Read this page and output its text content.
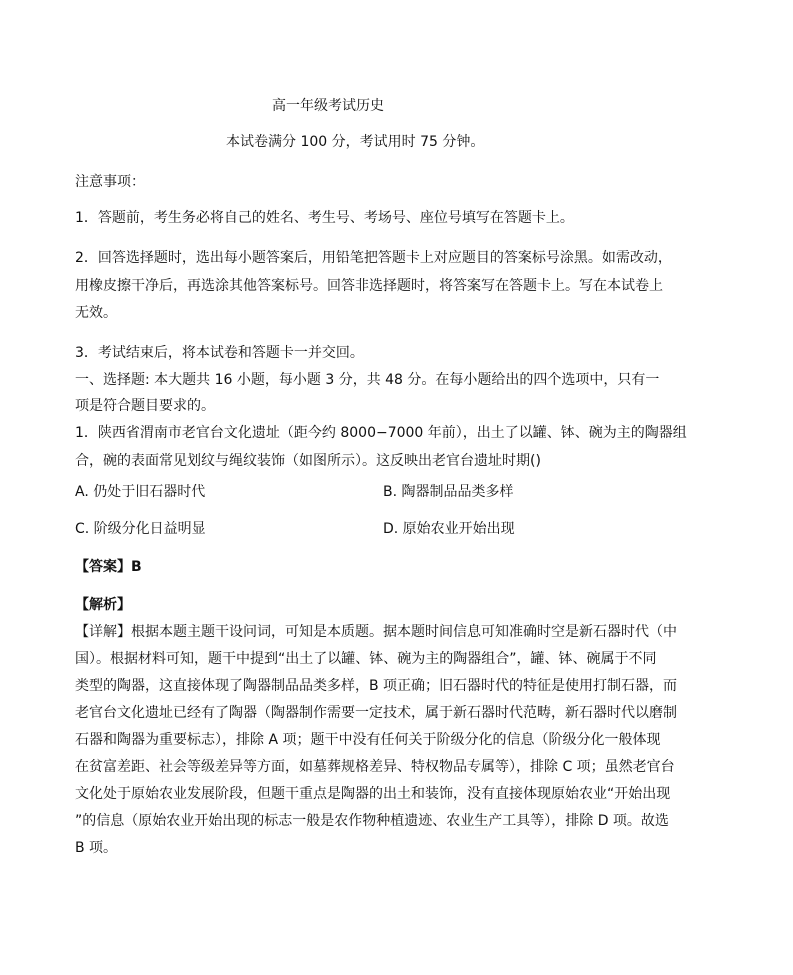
高一年级考试历史
本试卷满分 100 分，考试用时 75 分钟。
注意事项：
1．答题前，考生务必将自己的姓名、考生号、考场号、座位号填写在答题卡上。
2．回答选择题时，选出每小题答案后，用铅笔把答题卡上对应题目的答案标号涂黑。如需改动，
用橡皮擦干净后，再选涂其他答案标号。回答非选择题时，将答案写在答题卡上。写在本试卷上
无效。
3．考试结束后，将本试卷和答题卡一并交回。
一、选择题: 本大题共 16 小题，每小题 3 分，共 48 分。在每小题给出的四个选项中，只有一
项是符合题目要求的。
1．陕西省渭南市老官台文化遗址（距今约 8000−7000 年前），出土了以罐、钵、碗为主的陶器组
合，碗的表面常见划纹与绳纹装饰（如图所示）。这反映出老官台遗址时期()
A. 仍处于旧石器时代	B. 陶器制品品类多样
C. 阶级分化日益明显	D. 原始农业开始出现
【答案】B
【解析】
【详解】根据本题主题干设问词，可知是本质题。据本题时间信息可知准确时空是新石器时代（中
国）。根据材料可知，题干中提到“出土了以罐、钵、碗为主的陶器组合”，罐、钵、碗属于不同
类型的陶器，这直接体现了陶器制品品类多样，B 项正确；旧石器时代的特征是使用打制石器，而
老官台文化遗址已经有了陶器（陶器制作需要一定技术，属于新石器时代范畴，新石器时代以磨制
石器和陶器为重要标志），排除 A 项；题干中没有任何关于阶级分化的信息（阶级分化一般体现
在贫富差距、社会等级差异等方面，如墓葬规格差异、特权物品专属等），排除 C 项；虽然老官台
文化处于原始农业发展阶段，但题干重点是陶器的出土和装饰，没有直接体现原始农业“开始出现
”的信息（原始农业开始出现的标志一般是农作物种植遗迹、农业生产工具等），排除 D 项。故选
B 项。
